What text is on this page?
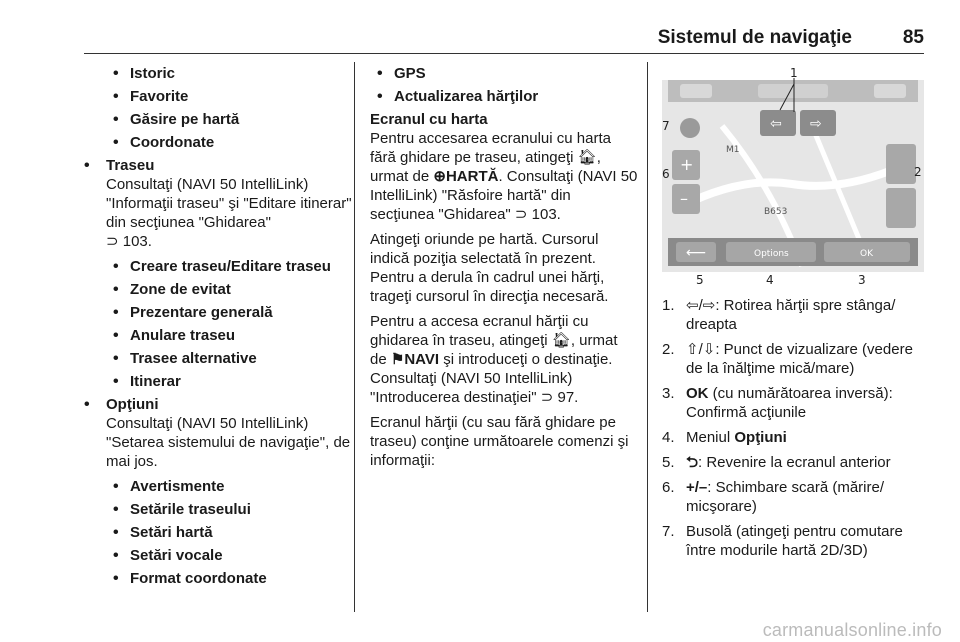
Sistemul de navigaţie	85
• Istoric
• Favorite
• Găsire pe hartă
• Coordonate
• Traseu
Consultaţi (NAVI 50 IntelliLink) "Informaţii traseu" şi "Editare itinerar" din secţiunea "Ghidarea"
⊃ 103.
• Creare traseu/Editare traseu
• Zone de evitat
• Prezentare generală
• Anulare traseu
• Trasee alternative
• Itinerar
• Opţiuni
Consultaţi (NAVI 50 IntelliLink) "Setarea sistemului de navigaţie", de mai jos.
• Avertismente
• Setările traseului
• Setări hartă
• Setări vocale
• Format coordonate
• GPS
• Actualizarea hărţilor
Ecranul cu harta

Pentru accesarea ecranului cu harta fără ghidare pe traseu, atingeţi 🏠︎, urmat de ⊕HARTĂ. Consultaţi (NAVI 50 IntelliLink) "Răsfoire hartă" din secţiunea "Ghidarea" ⊃ 103.

Atingeţi oriunde pe hartă. Cursorul indică poziţia selectată în prezent. Pentru a derula în cadrul unei hărţi, trageţi cursorul în direcţia necesară.

Pentru a accesa ecranul hărţii cu ghidarea în traseu, atingeţi 🏠︎, urmat de ⚑NAVI şi introduceţi o destinaţie. Consultaţi (NAVI 50 IntelliLink) "Introducerea destinaţiei" ⊃ 97.

Ecranul hărţii (cu sau fără ghidare pe traseu) conţine următoarele comenzi şi informaţii:

⇦ ⇨
+
–
M1
B653
⟵	Options	OK
1
2
3
4
5
6
7
1. ⇦/⇨: Rotirea hărţii spre stânga/ dreapta
2. ⇧/⇩: Punct de vizualizare (vedere de la înălţime mică/mare)
3. OK (cu numărătoarea inversă): Confirmă acţiunile
4. Meniul Opţiuni
5. ⮌: Revenire la ecranul anterior
6. +/–: Schimbare scară (mărire/ micşorare)
7. Busolă (atingeţi pentru comutare între modurile hartă 2D/3D)
carmanualsonline.info
